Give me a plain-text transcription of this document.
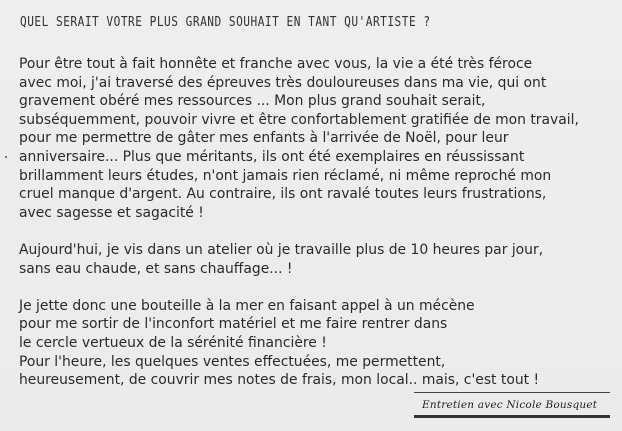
QUEL SERAIT VOTRE PLUS GRAND SOUHAIT EN TANT QU'ARTISTE ?

Pour être tout à fait honnête et franche avec vous, la vie a été très féroce
avec moi, j'ai traversé des épreuves très douloureuses dans ma vie, qui ont
gravement obéré mes ressources ... Mon plus grand souhait serait,
subséquemment, pouvoir vivre et être confortablement gratifiée de mon travail,
pour me permettre de gâter mes enfants à l'arrivée de Noël, pour leur
anniversaire... Plus que méritants, ils ont été exemplaires en réussissant
brillamment leurs études, n'ont jamais rien réclamé, ni même reproché mon
cruel manque d'argent. Au contraire, ils ont ravalé toutes leurs frustrations,
avec sagesse et sagacité !

Aujourd'hui, je vis dans un atelier où je travaille plus de 10 heures par jour,
sans eau chaude, et sans chauffage... !

Je jette donc une bouteille à la mer en faisant appel à un mécène
pour me sortir de l'inconfort matériel et me faire rentrer dans
le cercle vertueux de la sérénité financière !
Pour l'heure, les quelques ventes effectuées, me permettent,
heureusement, de couvrir mes notes de frais, mon local.. mais, c'est tout !

Entretien avec Nicole Bousquet
